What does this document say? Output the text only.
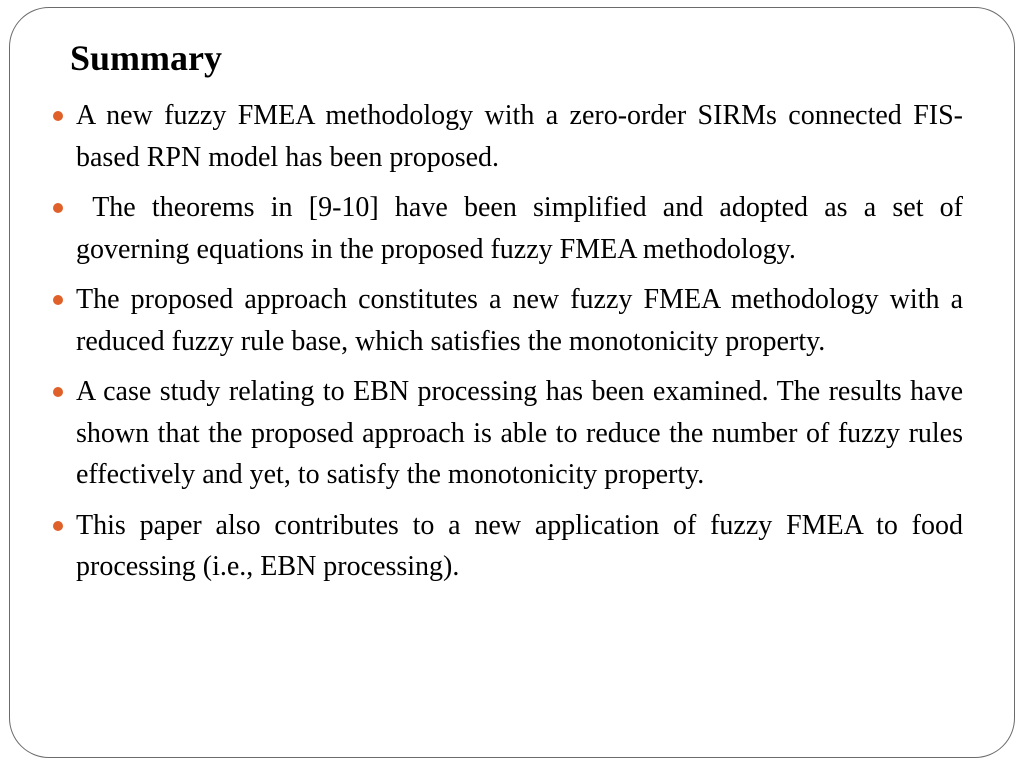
Summary
A new fuzzy FMEA methodology with a zero-order SIRMs connected FIS-based RPN model has been proposed.
The theorems in [9-10] have been simplified and adopted as a set of governing equations in the proposed fuzzy FMEA methodology.
The proposed approach constitutes a new fuzzy FMEA methodology with a reduced fuzzy rule base, which satisfies the monotonicity property.
A case study relating to EBN processing has been examined. The results have shown that the proposed approach is able to reduce the number of fuzzy rules effectively and yet, to satisfy the monotonicity property.
This paper also contributes to a new application of fuzzy FMEA to food processing (i.e., EBN processing).
